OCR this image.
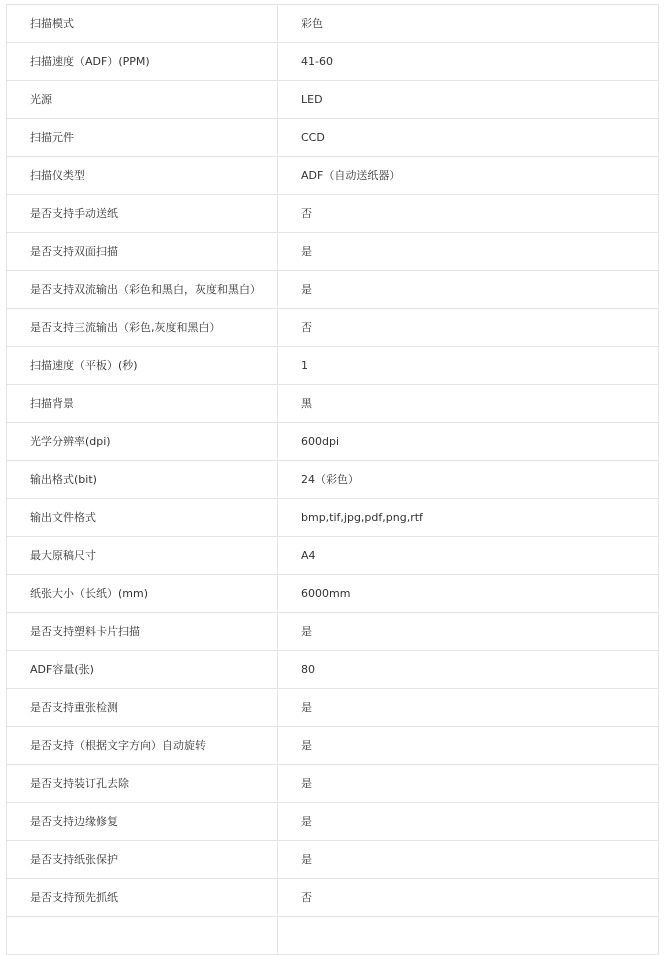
扫描模式	彩色
扫描速度（ADF）(PPM)	41-60
光源	LED
扫描元件	CCD
扫描仪类型	ADF（自动送纸器）
是否支持手动送纸	否
是否支持双面扫描	是
是否支持双流输出（彩色和黑白，灰度和黑白）	是
是否支持三流输出（彩色,灰度和黑白）	否
扫描速度（平板）(秒)	1
扫描背景	黑
光学分辨率(dpi)	600dpi
输出格式(bit)	24（彩色）
输出文件格式	bmp,tif,jpg,pdf,png,rtf
最大原稿尺寸	A4
纸张大小（长纸）(mm)	6000mm
是否支持塑料卡片扫描	是
ADF容量(张)	80
是否支持重张检测	是
是否支持（根据文字方向）自动旋转	是
是否支持装订孔去除	是
是否支持边缘修复	是
是否支持纸张保护	是
是否支持预先抓纸	否
